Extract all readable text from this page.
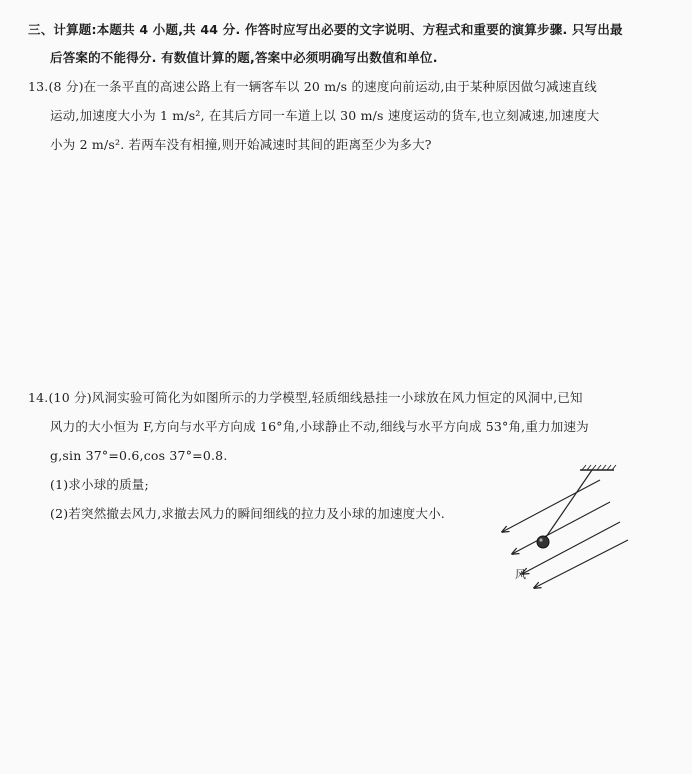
三、计算题:本题共 4 小题,共 44 分. 作答时应写出必要的文字说明、方程式和重要的演算步骤. 只写出最
后答案的不能得分. 有数值计算的题,答案中必须明确写出数值和单位.
13.(8 分)在一条平直的高速公路上有一辆客车以 20 m/s 的速度向前运动,由于某种原因做匀减速直线
运动,加速度大小为 1 m/s², 在其后方同一车道上以 30 m/s 速度运动的货车,也立刻减速,加速度大
小为 2 m/s². 若两车没有相撞,则开始减速时其间的距离至少为多大?
14.(10 分)风洞实验可简化为如图所示的力学模型,轻质细线悬挂一小球放在风力恒定的风洞中,已知
风力的大小恒为 F,方向与水平方向成 16°角,小球静止不动,细线与水平方向成 53°角,重力加速为
g,sin 37°=0.6,cos 37°=0.8.
(1)求小球的质量;
(2)若突然撤去风力,求撤去风力的瞬间细线的拉力及小球的加速度大小.
风
